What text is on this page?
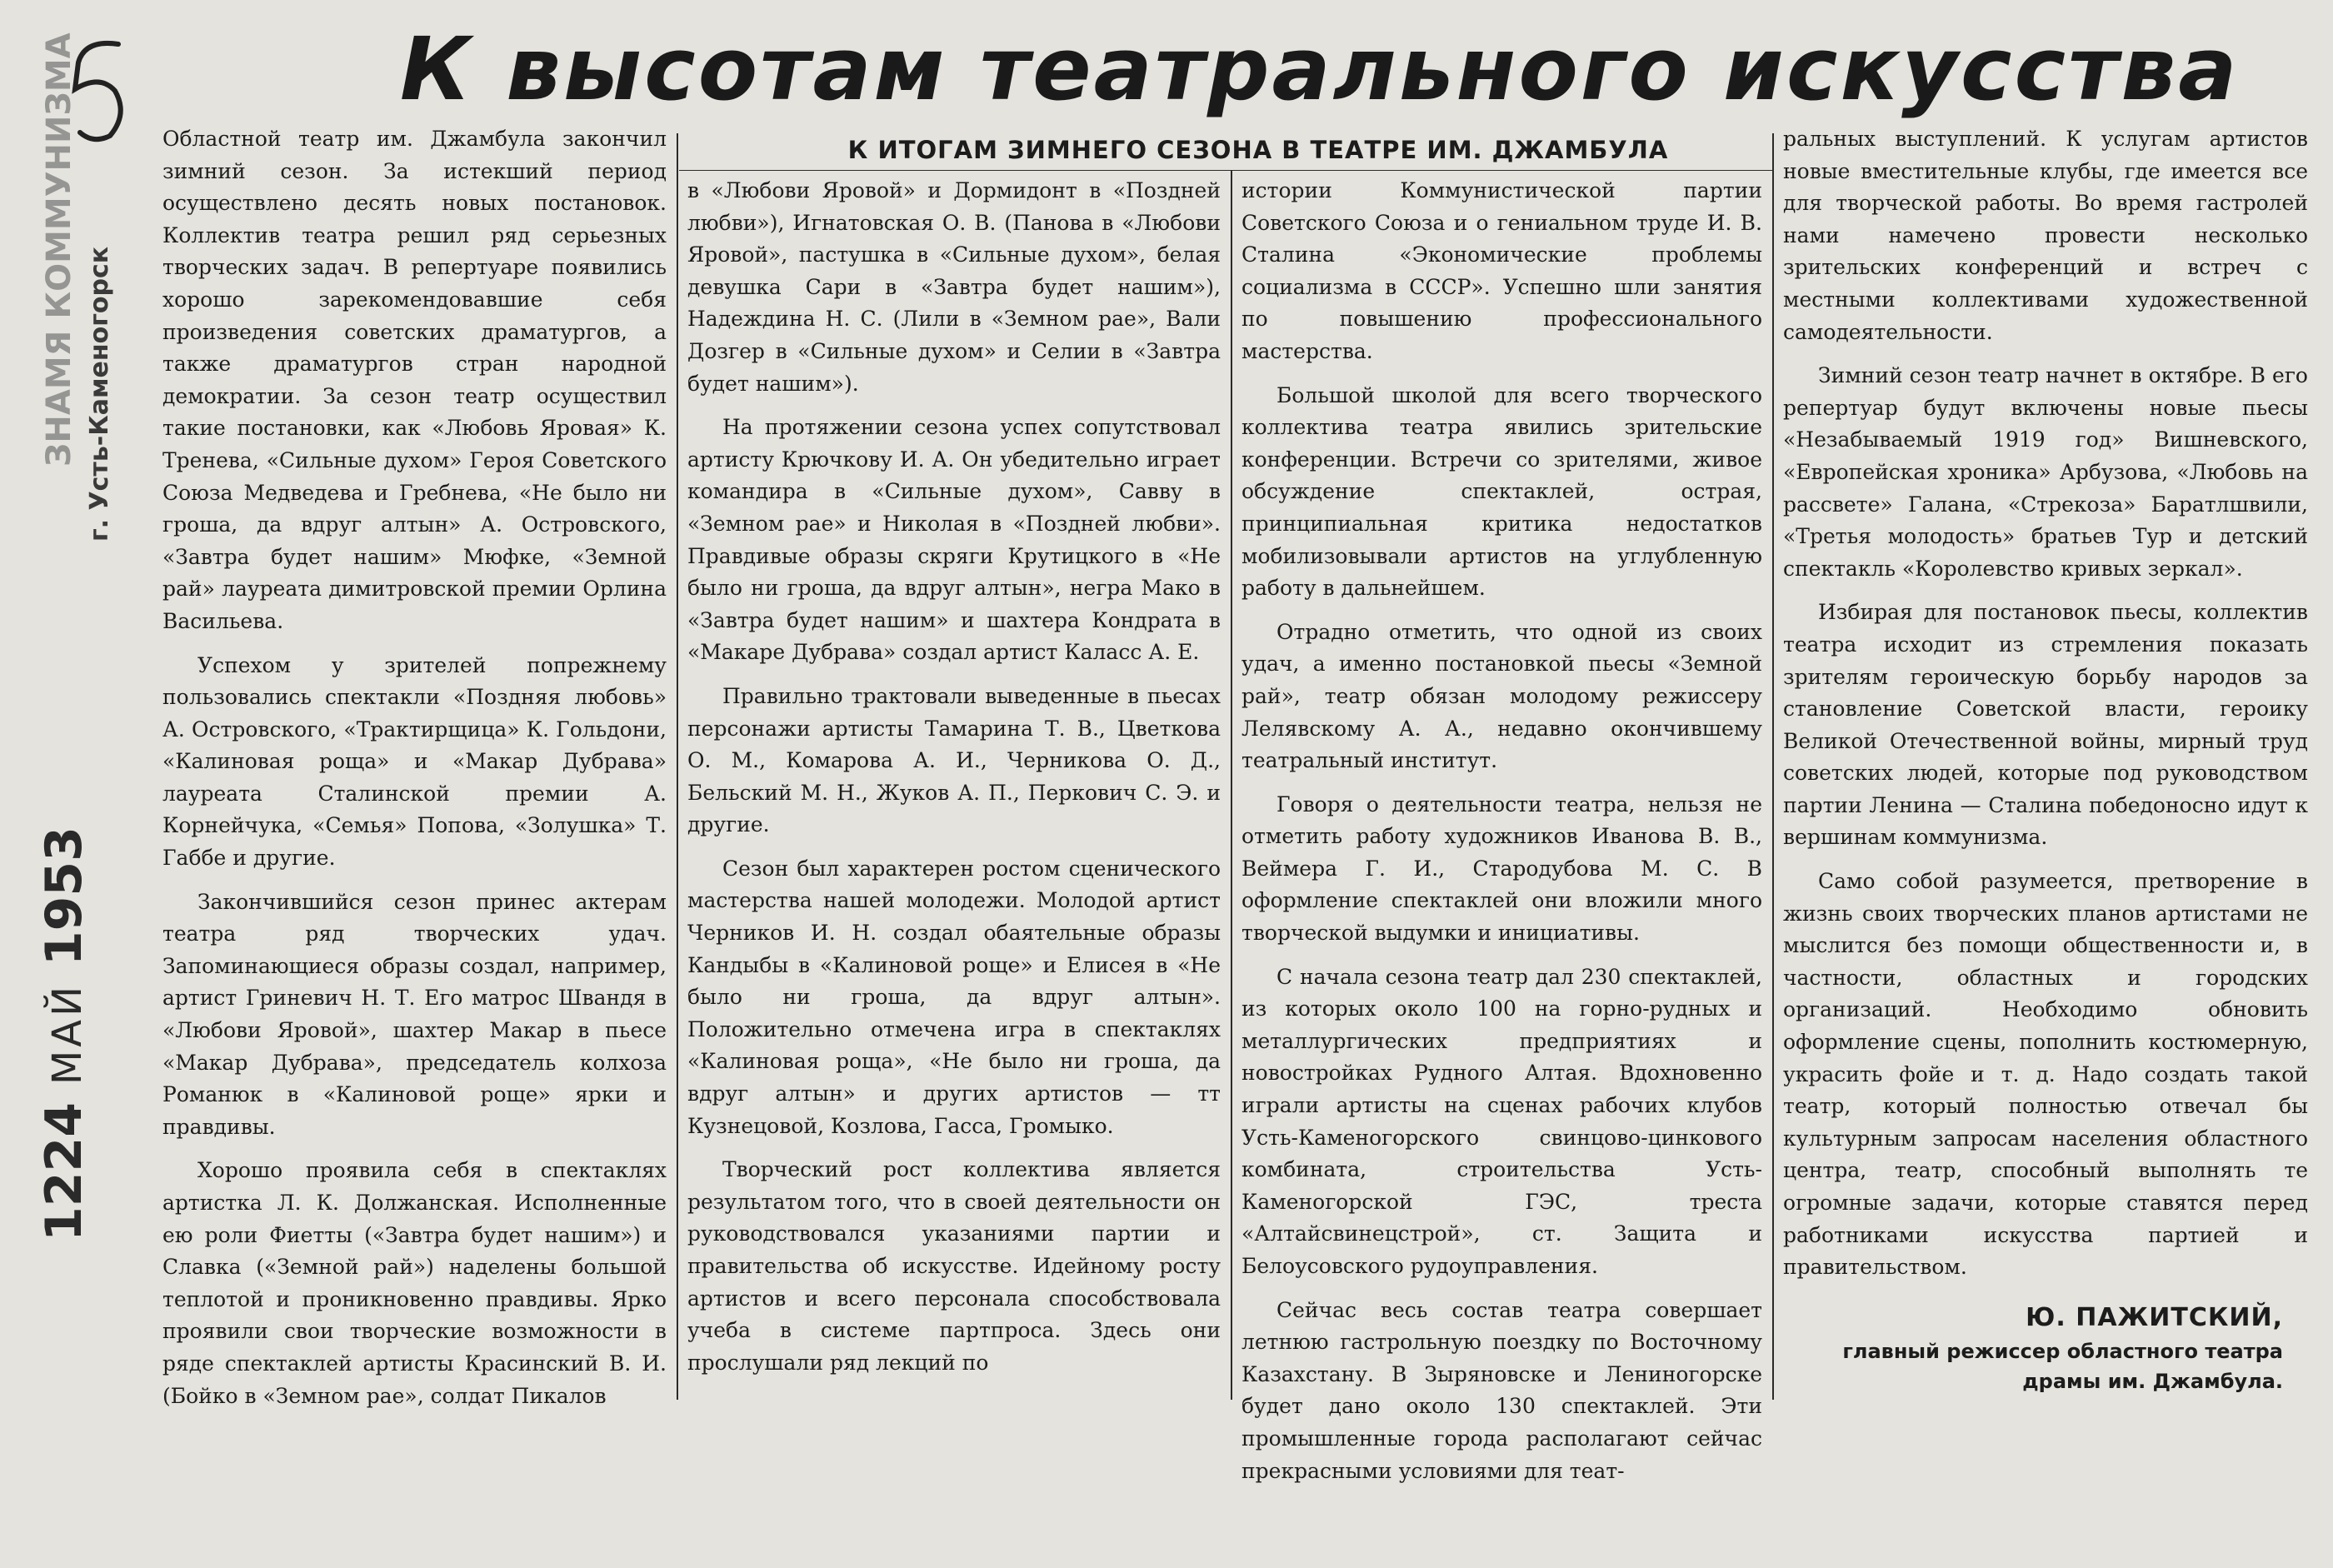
ЗНАМЯ КОММУНИЗМА г. Усть-Каменогорск
1224 МАЙ 1953
К высотам театрального искусства
К ИТОГАМ ЗИМНЕГО СЕЗОНА В ТЕАТРЕ ИМ. ДЖАМБУЛА

Областной театр им. Джамбула закончил зимний сезон. За истекший период осуществлено десять новых постановок. Коллектив театра решил ряд серьезных творческих задач. В репертуаре появились хорошо зарекомендовавшие себя произведения советских драматургов, а также драматургов стран народной демократии. За сезон театр осуществил такие постановки, как «Любовь Яровая» К. Тренева, «Сильные духом» Героя Советского Союза Медведева и Гребнева, «Не было ни гроша, да вдруг алтын» А. Островского, «Завтра будет нашим» Мюфке, «Земной рай» лауреата димитровской премии Орлина Васильева.

Успехом у зрителей попрежнему пользовались спектакли «Поздняя любовь» А. Островского, «Трактирщица» К. Гольдони, «Калиновая роща» и «Макар Дубрава» лауреата Сталинской премии А. Корнейчука, «Семья» Попова, «Золушка» Т. Габбе и другие.

Закончившийся сезон принес актерам театра ряд творческих удач. Запоминающиеся образы создал, например, артист Гриневич Н. Т. Его матрос Швандя в «Любови Яровой», шахтер Макар в пьесе «Макар Дубрава», председатель колхоза Романюк в «Калиновой роще» ярки и правдивы.

Хорошо проявила себя в спектаклях артистка Л. К. Должанская. Исполненные ею роли Фиетты («Завтра будет нашим») и Славка («Земной рай») наделены большой теплотой и проникновенно правдивы. Ярко проявили свои творческие возможности в ряде спектаклей артисты Красинский В. И. (Бойко в «Земном рае», солдат Пикалов

в «Любови Яровой» и Дормидонт в «Поздней любви»), Игнатовская О. В. (Панова в «Любови Яровой», пастушка в «Сильные духом», белая девушка Сари в «Завтра будет нашим»), Надеждина Н. С. (Лили в «Земном рае», Вали Дозгер в «Сильные духом» и Селии в «Завтра будет нашим»).

На протяжении сезона успех сопутствовал артисту Крючкову И. А. Он убедительно играет командира в «Сильные духом», Савву в «Земном рае» и Николая в «Поздней любви». Правдивые образы скряги Крутицкого в «Не было ни гроша, да вдруг алтын», негра Мако в «Завтра будет нашим» и шахтера Кондрата в «Макаре Дубрава» создал артист Каласс А. Е.

Правильно трактовали выведенные в пьесах персонажи артисты Тамарина Т. В., Цветкова О. М., Комарова А. И., Черникова О. Д., Бельский М. Н., Жуков А. П., Перкович С. Э. и другие.

Сезон был характерен ростом сценического мастерства нашей молодежи. Молодой артист Черников И. Н. создал обаятельные образы Кандыбы в «Калиновой роще» и Елисея в «Не было ни гроша, да вдруг алтын». Положительно отмечена игра в спектаклях «Калиновая роща», «Не было ни гроша, да вдруг алтын» и других артистов — тт Кузнецовой, Козлова, Гасса, Громыко.

Творческий рост коллектива является результатом того, что в своей деятельности он руководствовался указаниями партии и правительства об искусстве. Идейному росту артистов и всего персонала способствовала учеба в системе партпроса. Здесь они прослушали ряд лекций по

истории Коммунистической партии Советского Союза и о гениальном труде И. В. Сталина «Экономические проблемы социализма в СССР». Успешно шли занятия по повышению профессионального мастерства.

Большой школой для всего творческого коллектива театра явились зрительские конференции. Встречи со зрителями, живое обсуждение спектаклей, острая, принципиальная критика недостатков мобилизовывали артистов на углубленную работу в дальнейшем.

Отрадно отметить, что одной из своих удач, а именно постановкой пьесы «Земной рай», театр обязан молодому режиссеру Лелявскому А. А., недавно окончившему театральный институт.

Говоря о деятельности театра, нельзя не отметить работу художников Иванова В. В., Веймера Г. И., Стародубова М. С. В оформление спектаклей они вложили много творческой выдумки и инициативы.

С начала сезона театр дал 230 спектаклей, из которых около 100 на горно-рудных и металлургических предприятиях и новостройках Рудного Алтая. Вдохновенно играли артисты на сценах рабочих клубов Усть-Каменогорского свинцово-цинкового комбината, строительства Усть-Каменогорской ГЭС, треста «Алтайсвинецстрой», ст. Защита и Белоусовского рудоуправления.

Сейчас весь состав театра совершает летнюю гастрольную поездку по Восточному Казахстану. В Зыряновске и Лениногорске будет дано около 130 спектаклей. Эти промышленные города располагают сейчас прекрасными условиями для теат-

ральных выступлений. К услугам артистов новые вместительные клубы, где имеется все для творческой работы. Во время гастролей нами намечено провести несколько зрительских конференций и встреч с местными коллективами художественной самодеятельности.

Зимний сезон театр начнет в октябре. В его репертуар будут включены новые пьесы «Незабываемый 1919 год» Вишневского, «Европейская хроника» Арбузова, «Любовь на рассвете» Галана, «Стрекоза» Баратлшвили, «Третья молодость» братьев Тур и детский спектакль «Королевство кривых зеркал».

Избирая для постановок пьесы, коллектив театра исходит из стремления показать зрителям героическую борьбу народов за становление Советской власти, героику Великой Отечественной войны, мирный труд советских людей, которые под руководством партии Ленина — Сталина победоносно идут к вершинам коммунизма.

Само собой разумеется, претворение в жизнь своих творческих планов артистами не мыслится без помощи общественности и, в частности, областных и городских организаций. Необходимо обновить оформление сцены, пополнить костюмерную, украсить фойе и т. д. Надо создать такой театр, который полностью отвечал бы культурным запросам населения областного центра, театр, способный выполнять те огромные задачи, которые ставятся перед работниками искусства партией и правительством.

Ю. ПАЖИТСКИЙ,
главный режиссер областного театра
драмы им. Джамбула.
